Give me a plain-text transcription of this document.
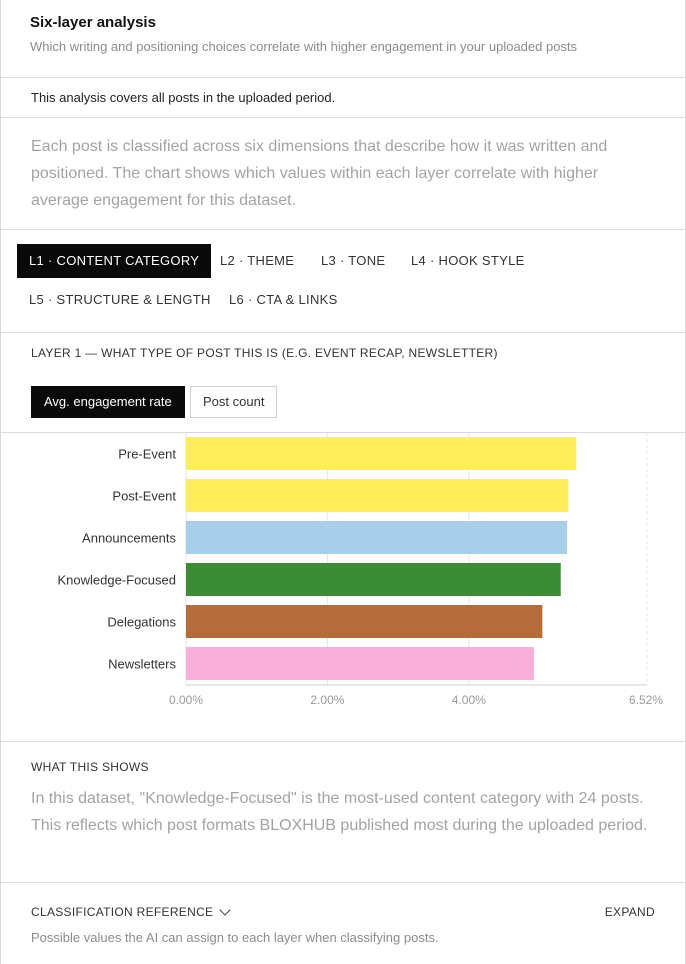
Six-layer analysis
Which writing and positioning choices correlate with higher engagement in your uploaded posts
This analysis covers all posts in the uploaded period.
Each post is classified across six dimensions that describe how it was written and positioned. The chart shows which values within each layer correlate with higher average engagement for this dataset.
L1 · CONTENT CATEGORY	L2 · THEME	L3 · TONE	L4 · HOOK STYLE
L5 · STRUCTURE & LENGTH	L6 · CTA & LINKS
LAYER 1 — WHAT TYPE OF POST THIS IS (E.G. EVENT RECAP, NEWSLETTER)
Avg. engagement rate	Post count
Pre-Event
Post-Event
Announcements
Knowledge-Focused
Delegations
Newsletters
0.00%	2.00%	4.00%	6.52%
WHAT THIS SHOWS
In this dataset, "Knowledge-Focused" is the most-used content category with 24 posts. This reflects which post formats BLOXHUB published most during the uploaded period.
CLASSIFICATION REFERENCE	EXPAND
Possible values the AI can assign to each layer when classifying posts.
